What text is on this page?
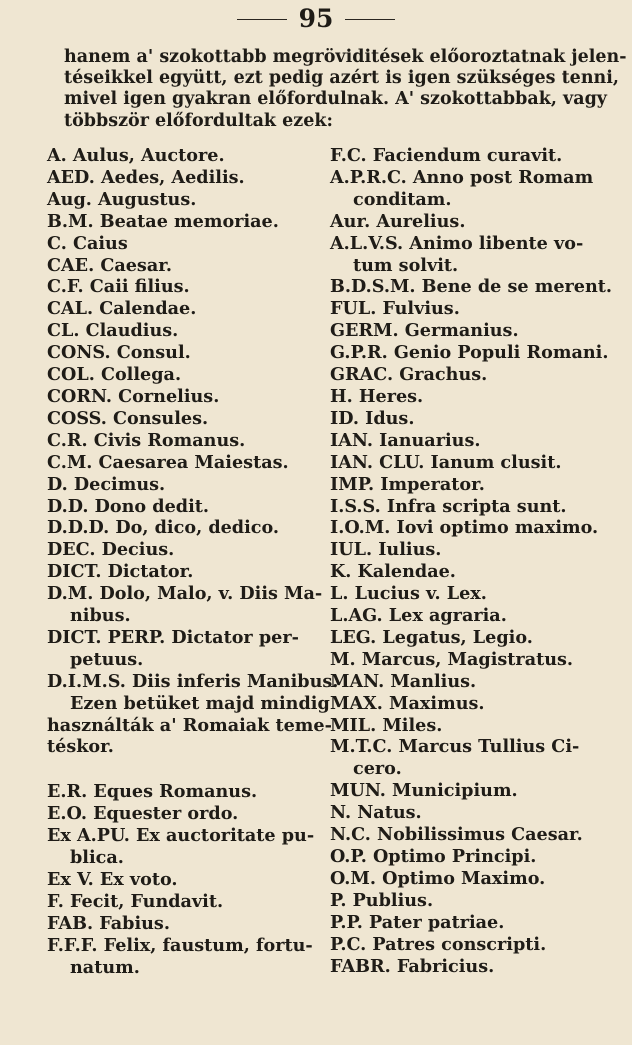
95
hanem a' szokottabb megröviditések előoroztatnak jelen-
téseikkel együtt, ezt pedig azért is igen szükséges tenni,
mivel igen gyakran előfordulnak. A' szokottabbak, vagy
többször előfordultak ezek:
A. Aulus, Auctore.
AED. Aedes, Aedilis.
Aug. Augustus.
B.M. Beatae memoriae.
C. Caius
CAE. Caesar.
C.F. Caii filius.
CAL. Calendae.
CL. Claudius.
CONS. Consul.
COL. Collega.
CORN. Cornelius.
COSS. Consules.
C.R. Civis Romanus.
C.M. Caesarea Maiestas.
D. Decimus.
D.D. Dono dedit.
D.D.D. Do, dico, dedico.
DEC. Decius.
DICT. Dictator.
D.M. Dolo, Malo, v. Diis Ma-
nibus.
DICT. PERP. Dictator per-
petuus.
D.I.M.S. Diis inferis Manibus.
Ezen betüket majd mindig
használták a' Romaiak teme-
téskor.
E.R. Eques Romanus.
E.O. Equester ordo.
Ex A.PU. Ex auctoritate pu-
blica.
Ex V. Ex voto.
F. Fecit, Fundavit.
FAB. Fabius.
F.F.F. Felix, faustum, fortu-
natum.
F.C. Faciendum curavit.
A.P.R.C. Anno post Romam
conditam.
Aur. Aurelius.
A.L.V.S. Animo libente vo-
tum solvit.
B.D.S.M. Bene de se merent.
FUL. Fulvius.
GERM. Germanius.
G.P.R. Genio Populi Romani.
GRAC. Grachus.
H. Heres.
ID. Idus.
IAN. Ianuarius.
IAN. CLU. Ianum clusit.
IMP. Imperator.
I.S.S. Infra scripta sunt.
I.O.M. Iovi optimo maximo.
IUL. Iulius.
K. Kalendae.
L. Lucius v. Lex.
L.AG. Lex agraria.
LEG. Legatus, Legio.
M. Marcus, Magistratus.
MAN. Manlius.
MAX. Maximus.
MIL. Miles.
M.T.C. Marcus Tullius Ci-
cero.
MUN. Municipium.
N. Natus.
N.C. Nobilissimus Caesar.
O.P. Optimo Principi.
O.M. Optimo Maximo.
P. Publius.
P.P. Pater patriae.
P.C. Patres conscripti.
FABR. Fabricius.
